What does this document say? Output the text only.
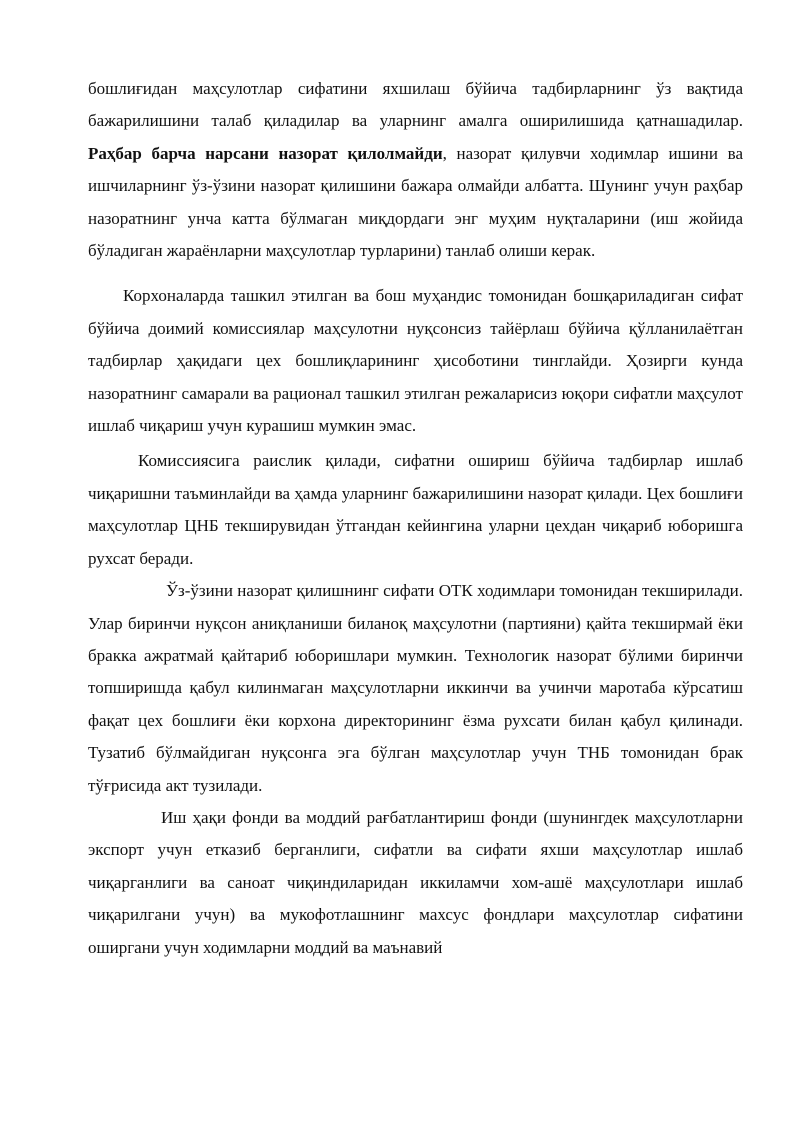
бошлиғидан маҳсулотлар сифатини яхшилаш бўйича тадбирларнинг ўз вақтида бажарилишини талаб қиладилар ва уларнинг амалга оширилишида қатнашадилар. Раҳбар барча нарсани назорат қилолмайди, назорат қилувчи ходимлар ишини ва ишчиларнинг ўз-ўзини назорат қилишини бажара олмайди албатта. Шунинг учун раҳбар назоратнинг унча катта бўлмаган миқдордаги энг муҳим нуқталарини (иш жойида бўладиган жараёнларни маҳсулотлар турларини) танлаб олиши керак.

Корхоналарда ташкил этилган ва бош муҳандис томонидан бошқариладиган сифат бўйича доимий комиссиялар маҳсулотни нуқсонсиз тайёрлаш бўйича қўлланилаётган тадбирлар ҳақидаги цех бошлиқларининг ҳисоботини тинглайди. Ҳозирги кунда назоратнинг самарали ва рационал ташкил этилган режаларисиз юқори сифатли маҳсулот ишлаб чиқариш учун курашиш мумкин эмас.

Комиссиясига раислик қилади, сифатни ошириш бўйича тадбирлар ишлаб чиқаришни таъминлайди ва ҳамда уларнинг бажарилишини назорат қилади. Цех бошлиғи маҳсулотлар ЦНБ текширувидан ўтгандан кейингина уларни цехдан чиқариб юборишга рухсат беради.

Ўз-ўзини назорат қилишнинг сифати ОТК ходимлари томонидан текширилади. Улар биринчи нуқсон аниқланиши биланоқ маҳсулотни (партияни) қайта текширмай ёки бракка ажратмай қайтариб юборишлари мумкин. Технологик назорат бўлими биринчи топширишда қабул килинмаган маҳсулотларни иккинчи ва учинчи маротаба кўрсатиш фақат цех бошлиғи ёки корхона директорининг ёзма рухсати билан қабул қилинади. Тузатиб бўлмайдиган нуқсонга эга бўлган маҳсулотлар учун ТНБ томонидан брак тўғрисида акт тузилади.

Иш ҳақи фонди ва моддий рағбатлантириш фонди (шунингдек маҳсулотларни экспорт учун етказиб берганлиги, сифатли ва сифати яхши маҳсулотлар ишлаб чиқарганлиги ва саноат чиқиндиларидан иккиламчи хом-ашё маҳсулотлари ишлаб чиқарилгани учун) ва мукофотлашнинг махсус фондлари маҳсулотлар сифатини оширгани учун ходимларни моддий ва маънавий
